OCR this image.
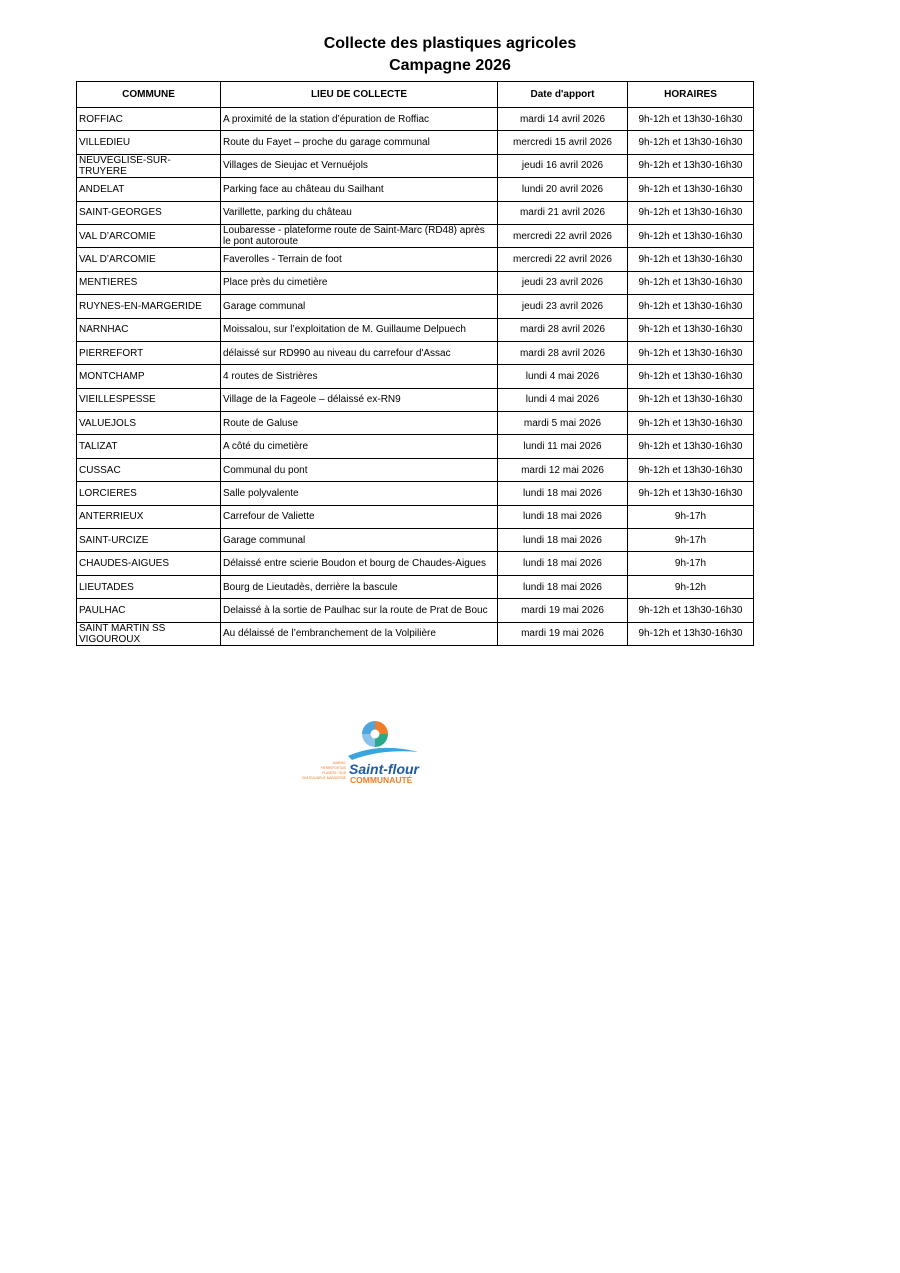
Collecte des plastiques agricoles
Campagne 2026
COMMUNE	LIEU DE COLLECTE	Date d'apport	HORAIRES
ROFFIAC	A proximité de la station d’épuration de Roffiac	mardi 14 avril 2026	9h-12h et 13h30-16h30
VILLEDIEU	Route du Fayet – proche du garage communal	mercredi 15 avril 2026	9h-12h et 13h30-16h30
NEUVEGLISE-SUR-TRUYERE	Villages de Sieujac et Vernuéjols	jeudi 16 avril 2026	9h-12h et 13h30-16h30
ANDELAT	Parking face au château du Sailhant	lundi 20 avril 2026	9h-12h et 13h30-16h30
SAINT-GEORGES	Varillette, parking du château	mardi 21 avril 2026	9h-12h et 13h30-16h30
VAL D’ARCOMIE	Loubaresse - plateforme route de Saint-Marc (RD48) après le pont autoroute	mercredi 22 avril 2026	9h-12h et 13h30-16h30
VAL D’ARCOMIE	Faverolles - Terrain de foot	mercredi 22 avril 2026	9h-12h et 13h30-16h30
MENTIERES	Place près du cimetière	jeudi 23 avril 2026	9h-12h et 13h30-16h30
RUYNES-EN-MARGERIDE	Garage communal	jeudi 23 avril 2026	9h-12h et 13h30-16h30
NARNHAC	Moissalou, sur l’exploitation de M. Guillaume Delpuech	mardi 28 avril 2026	9h-12h et 13h30-16h30
PIERREFORT	délaissé sur RD990 au niveau du carrefour d'Assac	mardi 28 avril 2026	9h-12h et 13h30-16h30
MONTCHAMP	4 routes de Sistrières	lundi 4 mai 2026	9h-12h et 13h30-16h30
VIEILLESPESSE	Village de la Fageole – délaissé ex-RN9	lundi 4 mai 2026	9h-12h et 13h30-16h30
VALUEJOLS	Route de Galuse	mardi 5 mai 2026	9h-12h et 13h30-16h30
TALIZAT	A côté du cimetière	lundi 11 mai 2026	9h-12h et 13h30-16h30
CUSSAC	Communal du pont	mardi 12 mai 2026	9h-12h et 13h30-16h30
LORCIERES	Salle polyvalente	lundi 18 mai 2026	9h-12h et 13h30-16h30
ANTERRIEUX	Carrefour de Valiette	lundi 18 mai 2026	9h-17h
SAINT-URCIZE	Garage communal	lundi 18 mai 2026	9h-17h
CHAUDES-AIGUES	Délaissé entre scierie Boudon et bourg de Chaudes-Aigues	lundi 18 mai 2026	9h-17h
LIEUTADES	Bourg de Lieutadès, derrière la bascule	lundi 18 mai 2026	9h-12h
PAULHAC	Delaissé à la sortie de Paulhac sur la route de Prat de Bouc	mardi 19 mai 2026	9h-12h et 13h30-16h30
SAINT MARTIN SS VIGOUROUX	Au délaissé de l’embranchement de la Volpilière	mardi 19 mai 2026	9h-12h et 13h30-16h30
AUBRAC
PIERREFORTAIS
PLANÈZE / SUD
CHÂTEAUNEUF-MARGERIDE
Saint-flour
COMMUNAUTÉ
